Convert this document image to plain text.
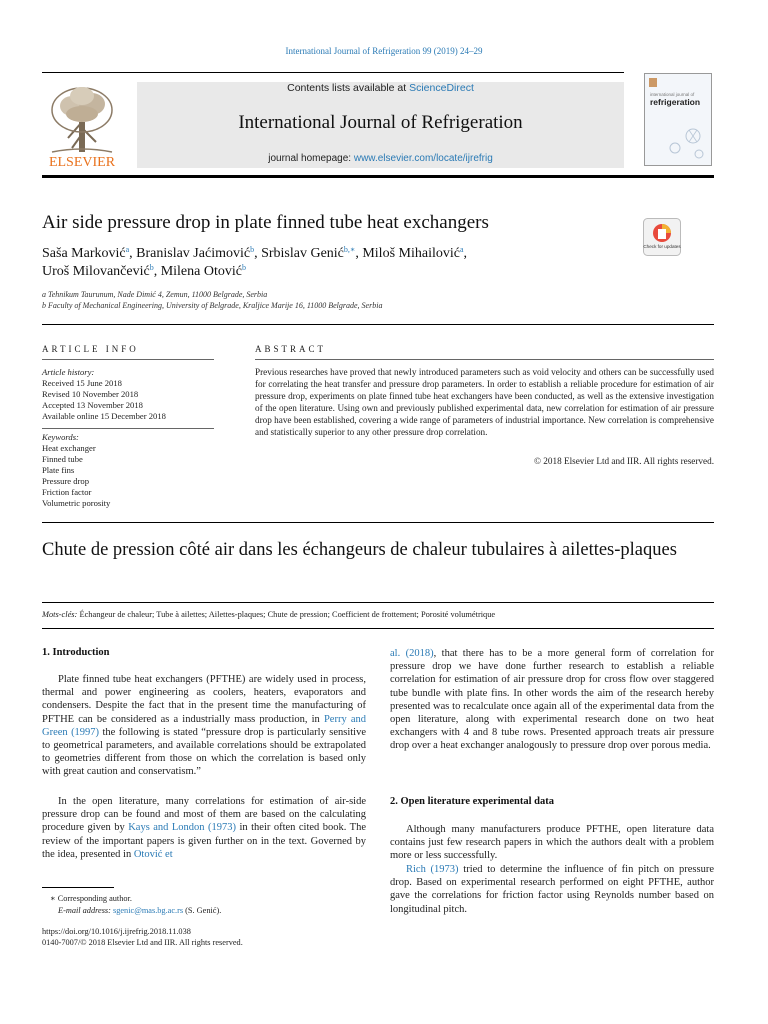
International Journal of Refrigeration 99 (2019) 24–29
ELSEVIER
Contents lists available at ScienceDirect
International Journal of Refrigeration
journal homepage: www.elsevier.com/locate/ijrefrig
international journal of
refrigeration
Air side pressure drop in plate finned tube heat exchangers
Check for updates
Saša Marković$^a$, Branislav Jaćimović$^b$, Srbislav Genić$^{b,∗}$, Miloš Mihailović$^a$,
Uroš Milovančević$^b$, Milena Otović$^b$
a Tehnikum Taurunum, Nade Dimić 4, Zemun, 11000 Belgrade, Serbia
b Faculty of Mechanical Engineering, University of Belgrade, Kraljice Marije 16, 11000 Belgrade, Serbia
ARTICLE INFO
Article history:
Received 15 June 2018
Revised 10 November 2018
Accepted 13 November 2018
Available online 15 December 2018
Keywords:
Heat exchanger
Finned tube
Plate fins
Pressure drop
Friction factor
Volumetric porosity
ABSTRACT
Previous researches have proved that newly introduced parameters such as void velocity and others can be successfully used for correlating the heat transfer and pressure drop parameters. In order to establish a reliable procedure for estimation of air pressure drop, experiments on plate finned tube heat exchangers have been conducted, as well as the extensive investigation of the open literature. Using own and previously published experimental data, new correlation for estimation of air pressure drop have been established, covering a wide range of parameters of industrial importance. New correlation is comprehensive and statistically superior to any other pressure drop correlation.
© 2018 Elsevier Ltd and IIR. All rights reserved.
Chute de pression côté air dans les échangeurs de chaleur tubulaires à ailettes-plaques
Mots-clés: Échangeur de chaleur; Tube à ailettes; Ailettes-plaques; Chute de pression; Coefficient de frottement; Porosité volumétrique
1. Introduction
Plate finned tube heat exchangers (PFTHE) are widely used in process, thermal and power engineering as coolers, heaters, evaporators and condensers. Despite the fact that in the present time the manufacturing of PFTHE can be considered as a industrially mass production, in Perry and Green (1997) the following is stated “pressure drop is particularly sensitive to geometrical parameters, and available correlations should be extrapolated to geometries different from those on which the correlation is based only with great caution and conservatism.”
In the open literature, many correlations for estimation of air-side pressure drop can be found and most of them are based on the calculating procedure given by Kays and London (1973) in their often cited book. The review of the important papers is given further on in the text. Governed by the idea, presented in Otović et
∗ Corresponding author.
E-mail address: sgenic@mas.bg.ac.rs (S. Genić).
https://doi.org/10.1016/j.ijrefrig.2018.11.038
0140-7007/© 2018 Elsevier Ltd and IIR. All rights reserved.
al. (2018), that there has to be a more general form of correlation for pressure drop we have done further research to establish a reliable correlation for estimation of air pressure drop for cross flow over staggered tube bundle with plate fins. In other words the aim of the research hereby presented was to recalculate once again all of the experimental data from the open literature, along with experimental research done on two heat exchangers with 4 and 8 tube rows. Presented approach treats air pressure drop over a heat exchanger analogously to pressure drop over porous media.
2. Open literature experimental data
Although many manufacturers produce PFTHE, open literature data contains just few research papers in which the authors dealt with a problem more or less successfully.
Rich (1973) tried to determine the influence of fin pitch on pressure drop. Based on experimental research performed on eight PFTHE, author gave the correlations for friction factor using Reynolds number based on longitudinal pitch.
